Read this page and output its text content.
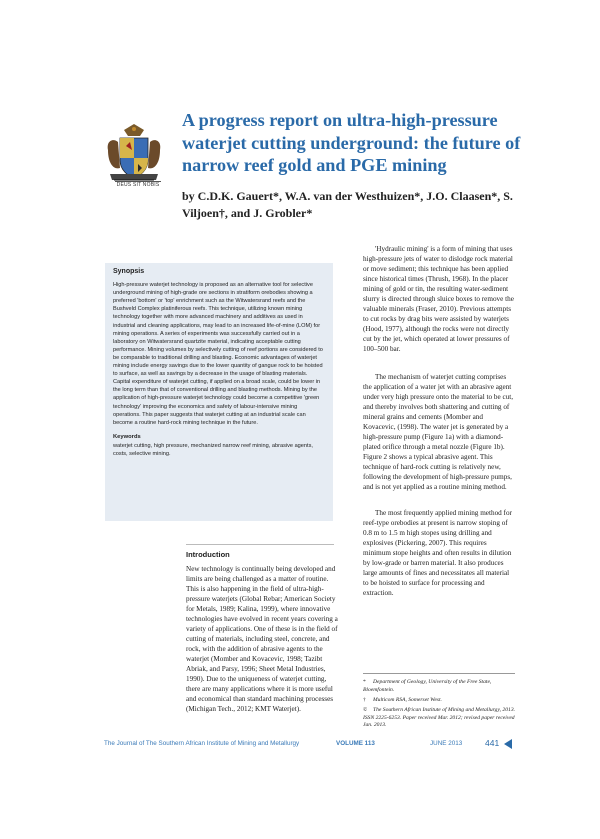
DEUS SIT NOBIS
A progress report on ultra-high-pressure waterjet cutting underground: the future of narrow reef gold and PGE mining

by C.D.K. Gauert*, W.A. van der Westhuizen*, J.O. Claasen*, S. Viljoen†, and J. Grobler*

Synopsis

High-pressure waterjet technology is proposed as an alternative tool for selective underground mining of high-grade ore sections in stratiform orebodies showing a preferred 'bottom' or 'top' enrichment such as the Witwatersrand reefs and the Bushveld Complex platiniferous reefs. This technique, utilizing known mining technology together with more advanced machinery and additives as used in industrial and cleaning applications, may lead to an increased life-of-mine (LOM) for mining operations. A series of experiments was successfully carried out in a laboratory on Witwatersrand quartzite material, indicating acceptable cutting performance. Mining volumes by selectively cutting of reef portions are considered to be comparable to traditional drilling and blasting. Economic advantages of waterjet mining include energy savings due to the lower quantity of gangue rock to be hoisted to surface, as well as savings by a decrease in the usage of blasting materials. Capital expenditure of waterjet cutting, if applied on a broad scale, could be lower in the long term than that of conventional drilling and blasting methods. Mining by the application of high-pressure waterjet technology could become a competitive 'green technology' improving the economics and safety of labour-intensive mining operations. This paper suggests that waterjet cutting at an industrial scale can become a routine hard-rock mining technique in the future.

Keywords

waterjet cutting, high pressure, mechanized narrow reef mining, abrasive agents, costs, selective mining.

Introduction

New technology is continually being developed and limits are being challenged as a matter of routine. This is also happening in the field of ultra-high-pressure waterjets (Global Rebar; American Society for Metals, 1989; Kalina, 1999), where innovative technologies have evolved in recent years covering a variety of applications. One of these is in the field of cutting of materials, including steel, concrete, and rock, with the addition of abrasive agents to the waterjet (Momber and Kovacevic, 1998; Tazibt Abriak, and Parsy, 1996; Sheet Metal Industries, 1990). Due to the uniqueness of waterjet cutting, there are many applications where it is more useful and economical than standard machining processes (Michigan Tech., 2012; KMT Waterjet).

'Hydraulic mining' is a form of mining that uses high-pressure jets of water to dislodge rock material or move sediment; this technique has been applied since historical times (Thrush, 1968). In the placer mining of gold or tin, the resulting water-sediment slurry is directed through sluice boxes to remove the valuable minerals (Fraser, 2010). Previous attempts to cut rocks by drag bits were assisted by waterjets (Hood, 1977), although the rocks were not directly cut by the jet, which operated at lower pressures of 100–500 bar.

The mechanism of waterjet cutting comprises the application of a water jet with an abrasive agent under very high pressure onto the material to be cut, and thereby involves both shattering and cutting of mineral grains and cements (Momber and Kovacevic, (1998). The water jet is generated by a high-pressure pump (Figure 1a) with a diamond-plated orifice through a metal nozzle (Figure 1b). Figure 2 shows a typical abrasive agent. This technique of hard-rock cutting is relatively new, following the development of high-pressure pumps, and is not yet applied as a routine mining method.

The most frequently applied mining method for reef-type orebodies at present is narrow stoping of 0.8 m to 1.5 m high stopes using drilling and explosives (Pickering, 2007). This requires minimum stope heights and often results in dilution by low-grade or barren material. It also produces large amounts of fines and necessitates all material to be hoisted to surface for processing and extraction.

* Department of Geology, University of the Free State, Bloemfontein.

† Multicom RSA, Somerset West.

© The Southern African Institute of Mining and Metallurgy, 2013. ISSN 2225-6253. Paper received Mar. 2012; revised paper received Jan. 2013.

The Journal of The Southern African Institute of Mining and Metallurgy	VOLUME 113	JUNE 2013	441
